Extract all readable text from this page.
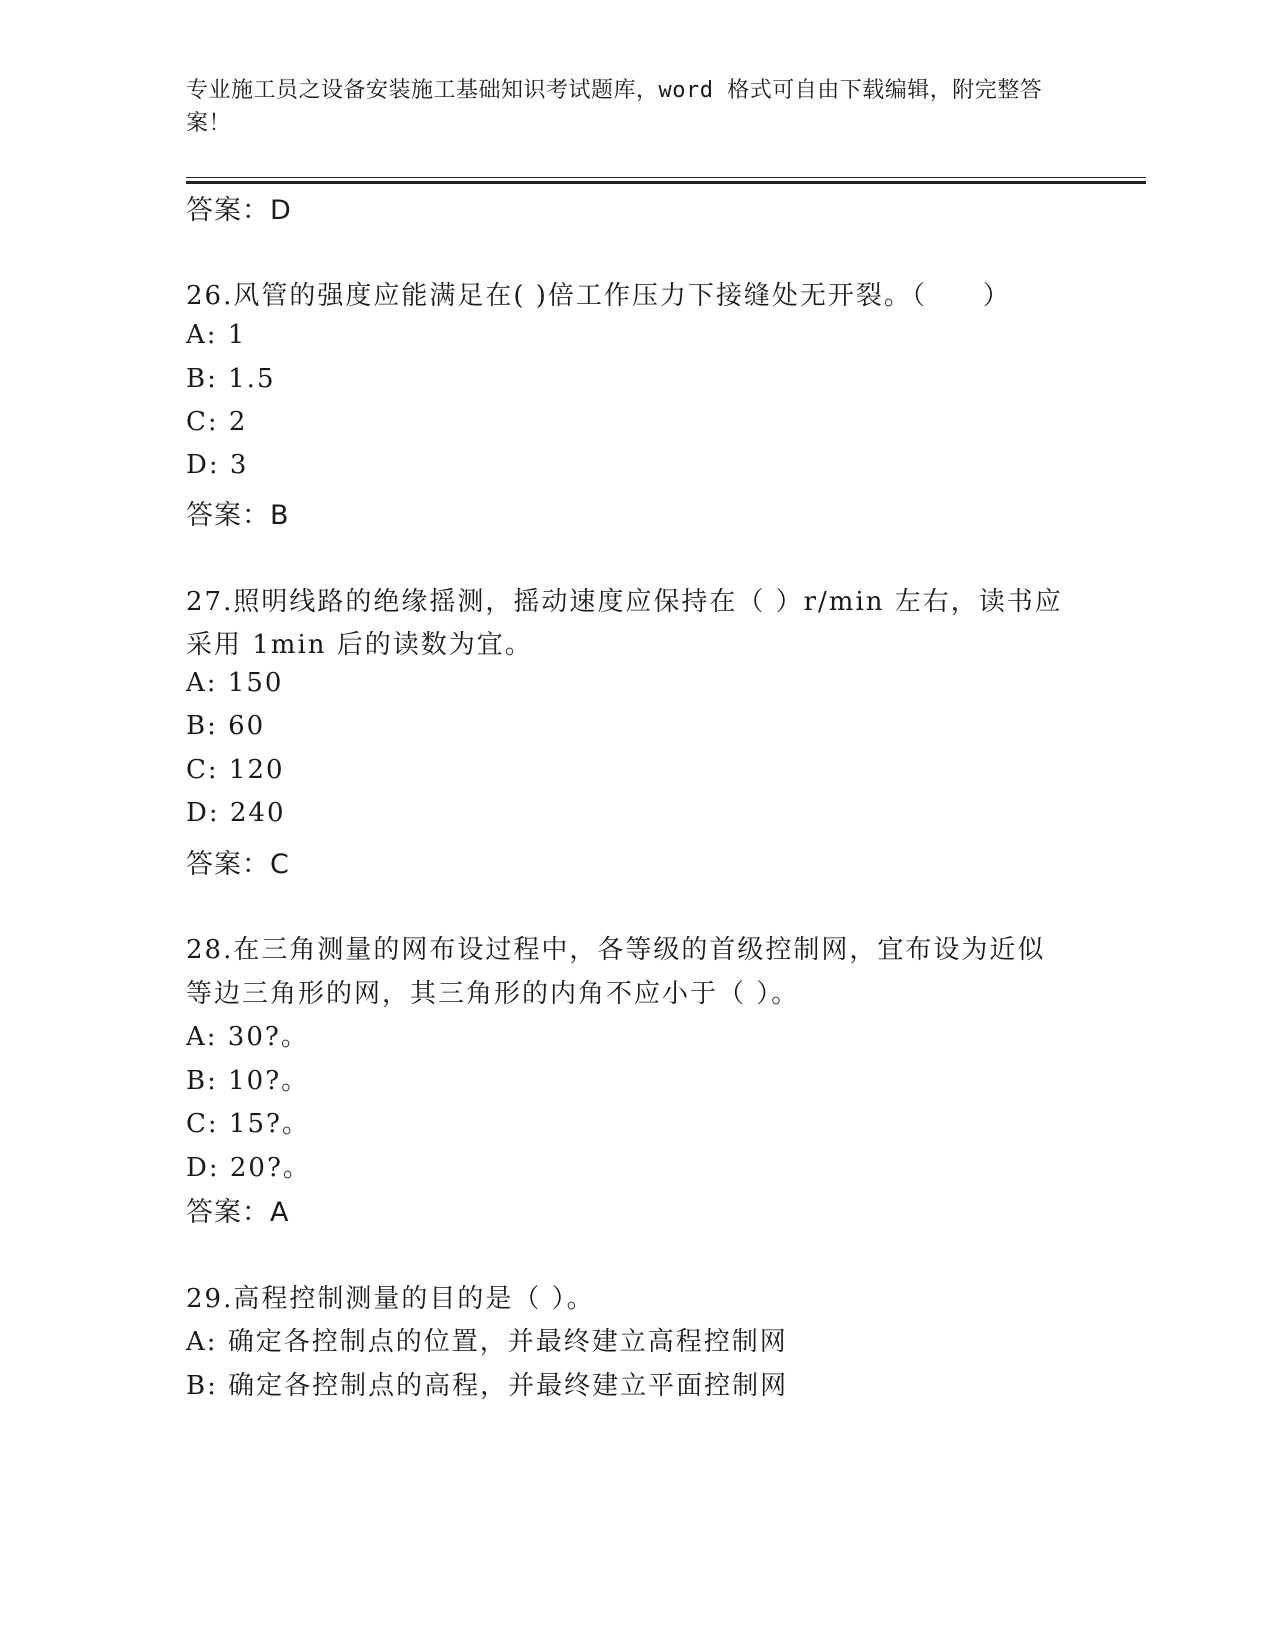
专业施工员之设备安装施工基础知识考试题库，word 格式可自由下载编辑，附完整答案！
答案：D
26.风管的强度应能满足在( )倍工作压力下接缝处无开裂。（　　）
A: 1
B: 1.5
C: 2
D: 3
答案：B
27.照明线路的绝缘摇测，摇动速度应保持在（ ）r/min 左右，读书应
采用 1min 后的读数为宜。
A: 150
B: 60
C: 120
D: 240
答案：C
28.在三角测量的网布设过程中，各等级的首级控制网，宜布设为近似
等边三角形的网，其三角形的内角不应小于（ ）。
A: 30?。
B: 10?。
C: 15?。
D: 20?。
答案：A
29.高程控制测量的目的是（ ）。
A: 确定各控制点的位置，并最终建立高程控制网
B: 确定各控制点的高程，并最终建立平面控制网
